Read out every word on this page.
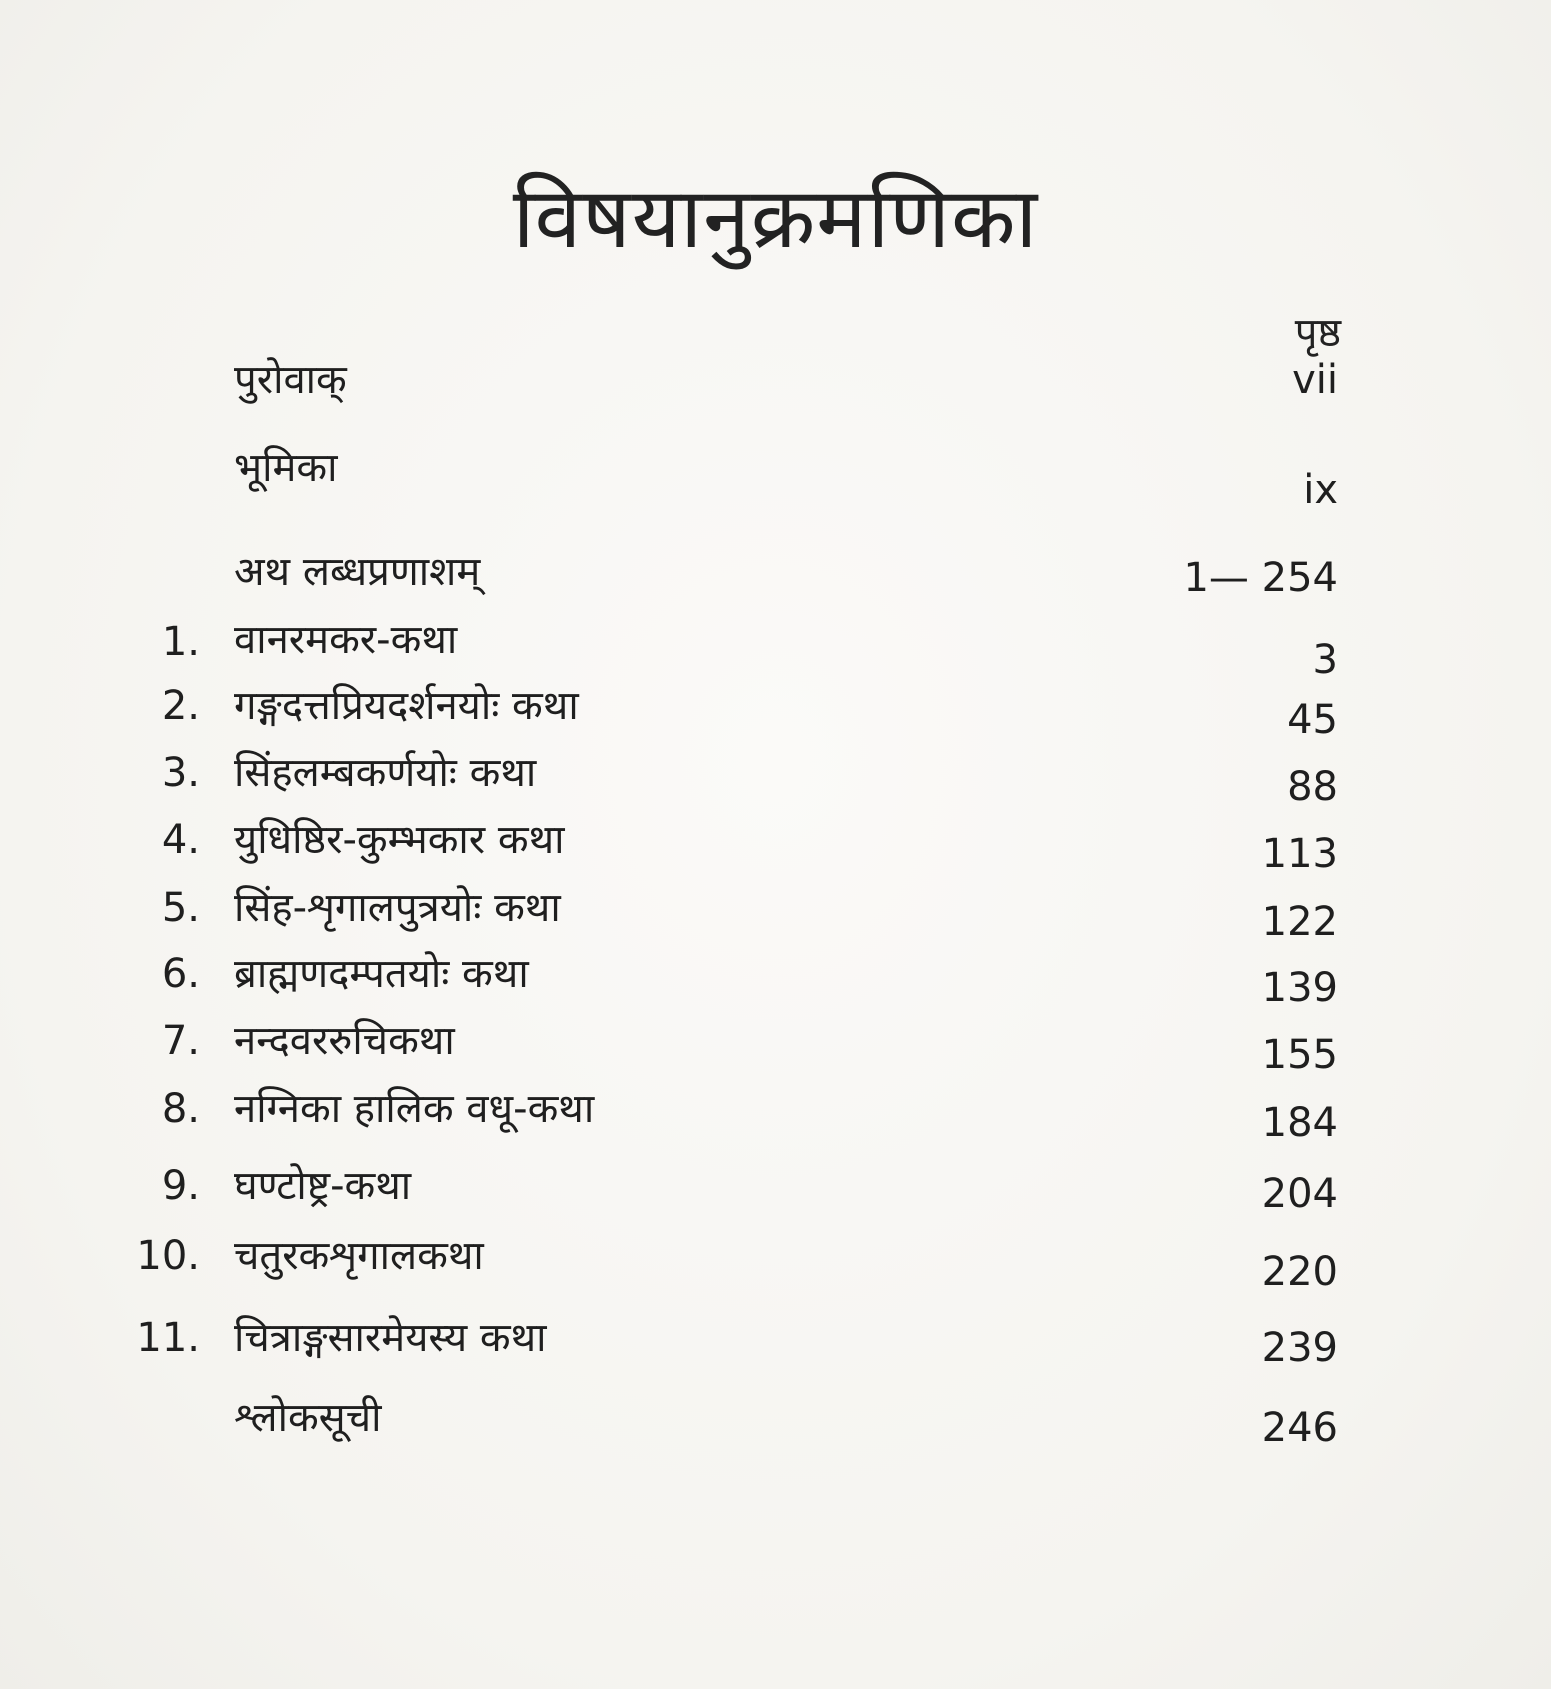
विषयानुक्रमणिका
पृष्ठ
पुरोवाक्	vii
भूमिका	ix
अथ लब्धप्रणाशम्	1— 254
1. वानरमकर-कथा	3
2. गङ्गदत्तप्रियदर्शनयोः कथा	45
3. सिंहलम्बकर्णयोः कथा	88
4. युधिष्ठिर-कुम्भकार कथा	113
5. सिंह-शृगालपुत्रयोः कथा	122
6. ब्राह्मणदम्पतयोः कथा	139
7. नन्दवररुचिकथा	155
8. नग्निका हालिक वधू-कथा	184
9. घण्टोष्ट्र-कथा	204
10. चतुरकशृगालकथा	220
11. चित्राङ्गसारमेयस्य कथा	239
श्लोकसूची	246
